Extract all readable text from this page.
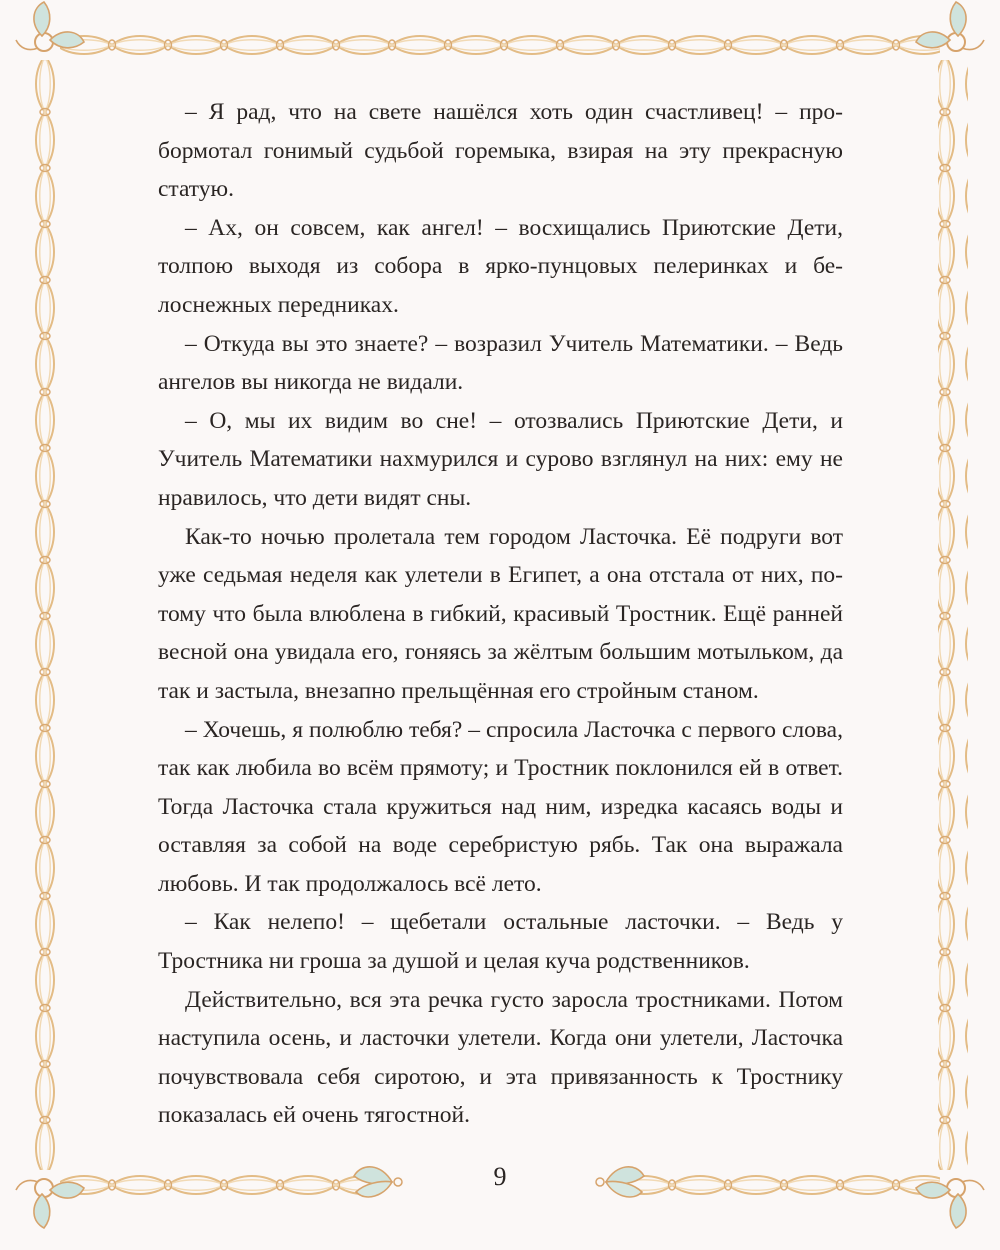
– Я рад, что на свете нашёлся хоть один счастливец! – пробормотал гонимый судьбой горемыка, взирая на эту прекрасную статую.

– Ах, он совсем, как ангел! – восхищались Приютские Дети, толпою выходя из собора в ярко-пунцовых пелеринках и белоснежных передниках.

– Откуда вы это знаете? – возразил Учитель Математики. – Ведь ангелов вы никогда не видали.

– О, мы их видим во сне! – отозвались Приютские Дети, и Учитель Математики нахмурился и сурово взглянул на них: ему не нравилось, что дети видят сны.

Как-то ночью пролетала тем городом Ласточка. Её подруги вот уже седьмая неделя как улетели в Египет, а она отстала от них, потому что была влюблена в гибкий, красивый Тростник. Ещё ранней весной она увидала его, гоняясь за жёлтым большим мотыльком, да так и застыла, внезапно прельщённая его стройным станом.

– Хочешь, я полюблю тебя? – спросила Ласточка с первого слова, так как любила во всём прямоту; и Тростник поклонился ей в ответ. Тогда Ласточка стала кружиться над ним, изредка касаясь воды и оставляя за собой на воде серебристую рябь. Так она выражала любовь. И так продолжалось всё лето.

– Как нелепо! – щебетали остальные ласточки. – Ведь у Тростника ни гроша за душой и целая куча родственников.

Действительно, вся эта речка густо заросла тростниками. Потом наступила осень, и ласточки улетели. Когда они улетели, Ласточка почувствовала себя сиротою, и эта привязанность к Тростнику показалась ей очень тягостной.

9
